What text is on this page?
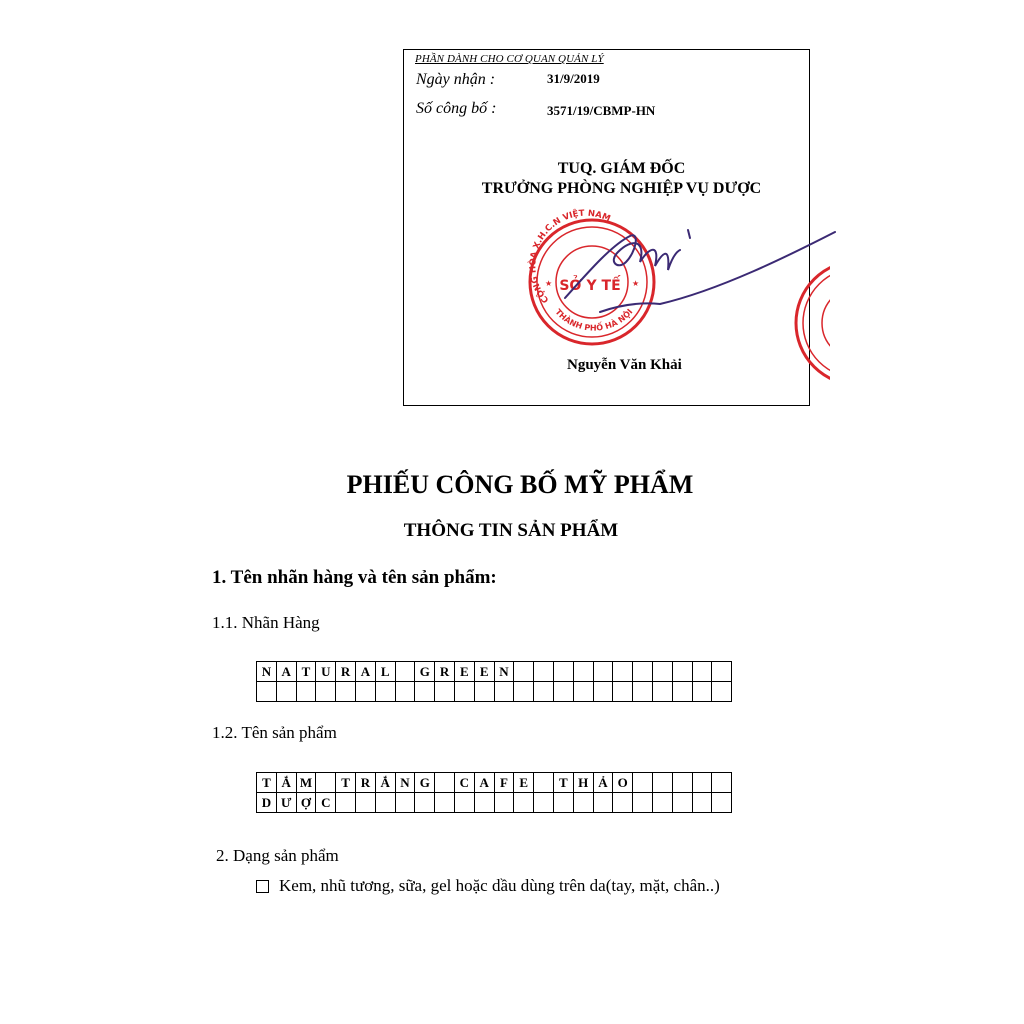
PHẦN DÀNH CHO CƠ QUAN QUẢN LÝ
Ngày nhận :	31/9/2019
Số công bố :	3571/19/CBMP-HN
TUQ. GIÁM ĐỐC
TRƯỞNG PHÒNG NGHIỆP VỤ DƯỢC
CỘNG HÒA X.H.C.N VIỆT NAM
THÀNH PHỐ HÀ NỘI
SỞ Y TẾ
★	★
Nguyễn Văn Khải
PHIẾU CÔNG BỐ MỸ PHẨM
THÔNG TIN SẢN PHẨM
1. Tên nhãn hàng và tên sản phẩm:
1.1. Nhãn Hàng
N	A	T	U	R	A	L		G	R	E	E	N											

1.2. Tên sản phẩm
T	Ắ	M		T	R	Ắ	N	G		C	A	F	E		T	H	Ả	O					
D	Ư	Ợ	C																				
2. Dạng sản phẩm
Kem, nhũ tương, sữa, gel hoặc dầu dùng trên da(tay, mặt, chân..)
